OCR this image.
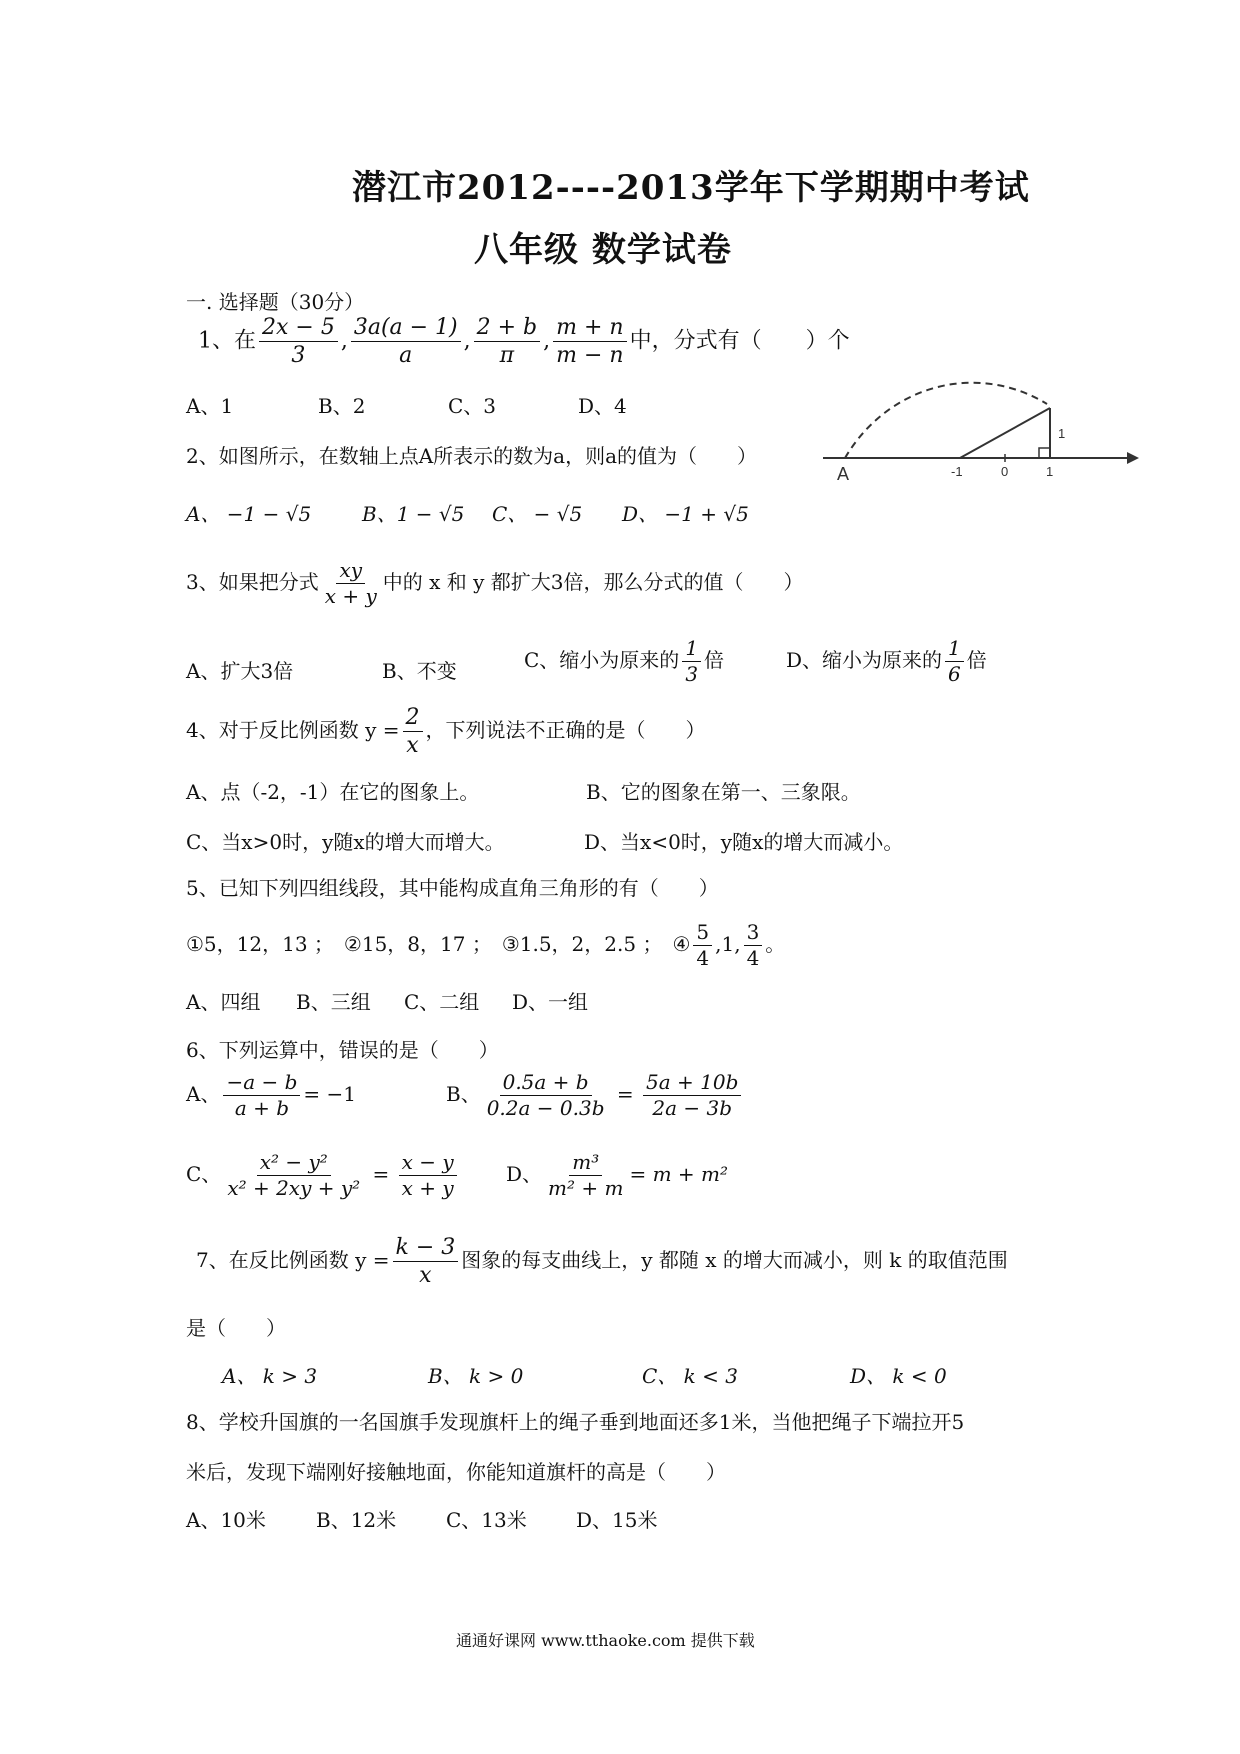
潜江市2012----2013学年下学期期中考试
八年级 数学试卷
一. 选择题（30分）
1、在 $\frac{2x - 5}{3}$ , $\frac{3a(a - 1)}{a}$ , $\frac{2 + b}{\pi}$ , $\frac{m + n}{m - n}$ 中，分式有（　　）个
A、1	B、2	C、3	D、4
A	-1	0	1
1
2、如图所示，在数轴上点A所表示的数为a，则a的值为（　　）
A、 −1 − √5	B、1 − √5 C、 − √5 D、 −1 + √5
3、如果把分式 $\frac{xy}{x + y}$ 中的 x 和 y 都扩大3倍，那么分式的值（　　）
A、扩大3倍	B、不变	C、缩小为原来的 $\frac{1}{3}$ 倍	D、缩小为原来的 $\frac{1}{6}$ 倍
4、对于反比例函数 $y = \frac{2}{x}$ ，下列说法不正确的是（　　）
A、点（-2，-1）在它的图象上。	B、它的图象在第一、三象限。
C、当x>0时，y随x的增大而增大。	D、当x<0时，y随x的增大而减小。
5、已知下列四组线段，其中能构成直角三角形的有（　　）
①5，12，13 ；　②15，8，17 ；　③1.5，2，2.5 ；　④ $\frac{5}{4} ,1$, $\frac{3}{4}$ 。
A、四组 B、三组 C、二组 D、一组
6、下列运算中，错误的是（　　）
A、 $\frac{-a - b}{a + b} = -1$	B、 $\frac{0.5a + b}{0.2a - 0.3b} = \frac{5a + 10b}{2a - 3b}$
C、 $\frac{\text{x² − y²}}{\text{x² + 2xy + y²}} = \frac{x - y}{x + y}$ D、 $\frac{\text{m³}}{\text{m² + m}} = m + m^2$
7、在反比例函数 $y = \frac{k - 3}{x}$ 图象的每支曲线上，y 都随 x 的增大而减小，则 k 的取值范围
是（　　）
A、 k > 3	B、 k > 0	C、 k < 3	D、 k < 0
8、学校升国旗的一名国旗手发现旗杆上的绳子垂到地面还多1米，当他把绳子下端拉开5
米后，发现下端刚好接触地面，你能知道旗杆的高是（　　）
A、10米	B、12米 C、13米 D、15米
通通好课网 www.tthaoke.com 提供下载
